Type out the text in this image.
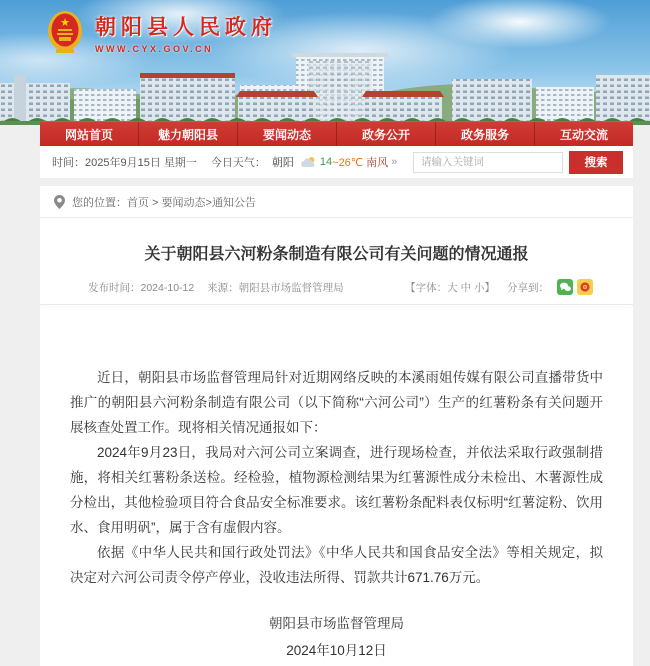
★ 朝阳县人民政府
WWW.CYX.GOV.CN
网站首页	魅力朝阳县	要闻动态	政务公开	政务服务	互动交流
时间：2025年9月15日 星期一 今日天气： 朝阳 14 ~26℃ 南风 »
请输入关键词	搜索
您的位置： 首页 > 要闻动态>通知公告
关于朝阳县六河粉条制造有限公司有关问题的情况通报
发布时间：2024-10-12 来源：朝阳县市场监督管理局	【字体：大 中 小】 分享到：

近日，朝阳县市场监督管理局针对近期网络反映的本溪雨姐传媒有限公司直播带货中推广的朝阳县六河粉条制造有限公司（以下简称“六河公司”）生产的红薯粉条有关问题开展核查处置工作。现将相关情况通报如下：

2024年9月23日，我局对六河公司立案调查，进行现场检查，并依法采取行政强制措施，将相关红薯粉条送检。经检验，植物源检测结果为红薯源性成分未检出、木薯源性成分检出，其他检验项目符合食品安全标准要求。该红薯粉条配料表仅标明“红薯淀粉、饮用水、食用明矾”，属于含有虚假内容。

依据《中华人民共和国行政处罚法》《中华人民共和国食品安全法》等相关规定，拟决定对六河公司责令停产停业，没收违法所得、罚款共计671.76万元。

朝阳县市场监督管理局
2024年10月12日
